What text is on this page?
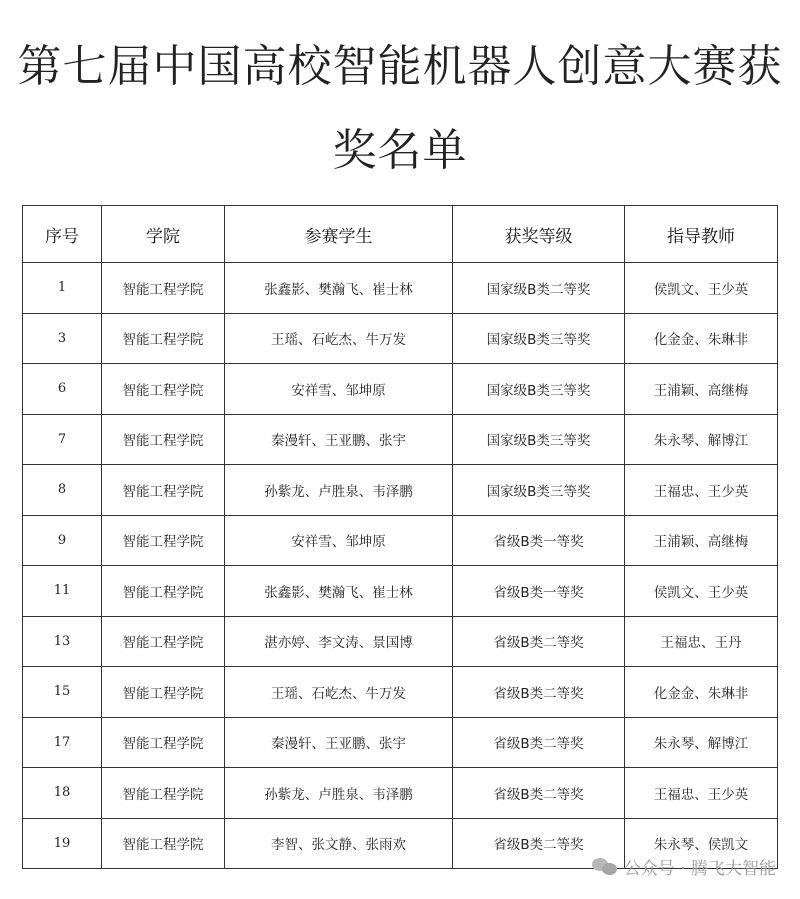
第七届中国高校智能机器人创意大赛获
奖名单
序号	学院	参赛学生	获奖等级	指导教师
1	智能工程学院	张鑫影、樊瀚飞、崔士林	国家级B类二等奖	侯凯文、王少英
3	智能工程学院	王瑶、石屹杰、牛万发	国家级B类三等奖	化金金、朱琳非
6	智能工程学院	安祥雪、邹坤原	国家级B类三等奖	王浦颖、高继梅
7	智能工程学院	秦漫轩、王亚鹏、张宇	国家级B类三等奖	朱永琴、解博江
8	智能工程学院	孙紫龙、卢胜泉、韦泽鹏	国家级B类三等奖	王福忠、王少英
9	智能工程学院	安祥雪、邹坤原	省级B类一等奖	王浦颖、高继梅
11	智能工程学院	张鑫影、樊瀚飞、崔士林	省级B类一等奖	侯凯文、王少英
13	智能工程学院	湛亦婷、李文涛、景国博	省级B类二等奖	王福忠、王丹
15	智能工程学院	王瑶、石屹杰、牛万发	省级B类二等奖	化金金、朱琳非
17	智能工程学院	秦漫轩、王亚鹏、张宇	省级B类二等奖	朱永琴、解博江
18	智能工程学院	孙紫龙、卢胜泉、韦泽鹏	省级B类二等奖	王福忠、王少英
19	智能工程学院	李智、张文静、张雨欢	省级B类二等奖	朱永琴、侯凯文
公众号 · 腾飞大智能
